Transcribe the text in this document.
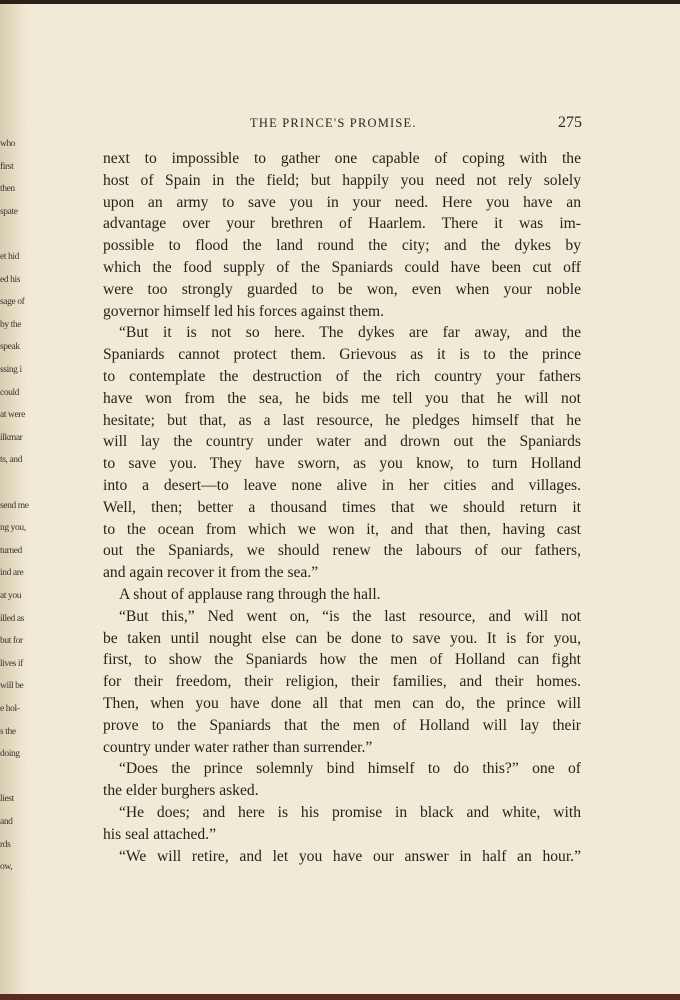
who
first
then
spate
et hid
ed his
sage of
by the
speak
ssing i
could
at were
ilkmar
ts, and
send me
ng you,
turned
ind are
at you
illed as
but for
lives if
will be
e hol-
s the
doing
liest
and
rds
ow,
THE PRINCE'S PROMISE.	275
next to impossible to gather one capable of coping with the
host of Spain in the field; but happily you need not rely solely
upon an army to save you in your need. Here you have an
advantage over your brethren of Haarlem. There it was im-
possible to flood the land round the city; and the dykes by
which the food supply of the Spaniards could have been cut off
were too strongly guarded to be won, even when your noble
governor himself led his forces against them.
“But it is not so here. The dykes are far away, and the
Spaniards cannot protect them. Grievous as it is to the prince
to contemplate the destruction of the rich country your fathers
have won from the sea, he bids me tell you that he will not
hesitate; but that, as a last resource, he pledges himself that he
will lay the country under water and drown out the Spaniards
to save you. They have sworn, as you know, to turn Holland
into a desert—to leave none alive in her cities and villages.
Well, then; better a thousand times that we should return it
to the ocean from which we won it, and that then, having cast
out the Spaniards, we should renew the labours of our fathers,
and again recover it from the sea.”
A shout of applause rang through the hall.
“But this,” Ned went on, “is the last resource, and will not
be taken until nought else can be done to save you. It is for you,
first, to show the Spaniards how the men of Holland can fight
for their freedom, their religion, their families, and their homes.
Then, when you have done all that men can do, the prince will
prove to the Spaniards that the men of Holland will lay their
country under water rather than surrender.”
“Does the prince solemnly bind himself to do this?” one of
the elder burghers asked.
“He does; and here is his promise in black and white, with
his seal attached.”
“We will retire, and let you have our answer in half an hour.”
